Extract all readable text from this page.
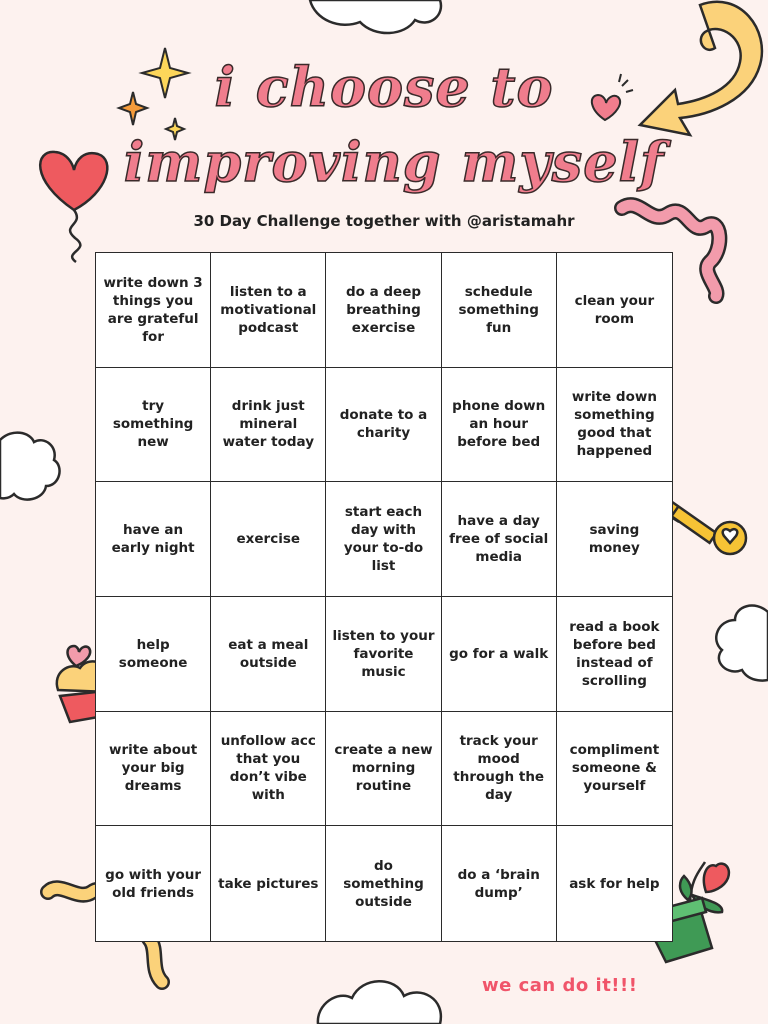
i choose to
improving myself
30 Day Challenge together with @aristamahr
write down 3 things you are grateful for
listen to a motivational podcast
do a deep breathing exercise
schedule something fun
clean your room
try something new
drink just mineral water today
donate to a charity
phone down an hour before bed
write down something good that happened
have an early night
exercise
start each day with your to-do list
have a day free of social media
saving money
help someone
eat a meal outside
listen to your favorite music
go for a walk
read a book before bed instead of scrolling
write about your big dreams
unfollow acc that you don’t vibe with
create a new morning routine
track your mood through the day
compliment someone & yourself
go with your old friends
take pictures
do something outside
do a ‘brain dump’
ask for help
we can do it!!!
